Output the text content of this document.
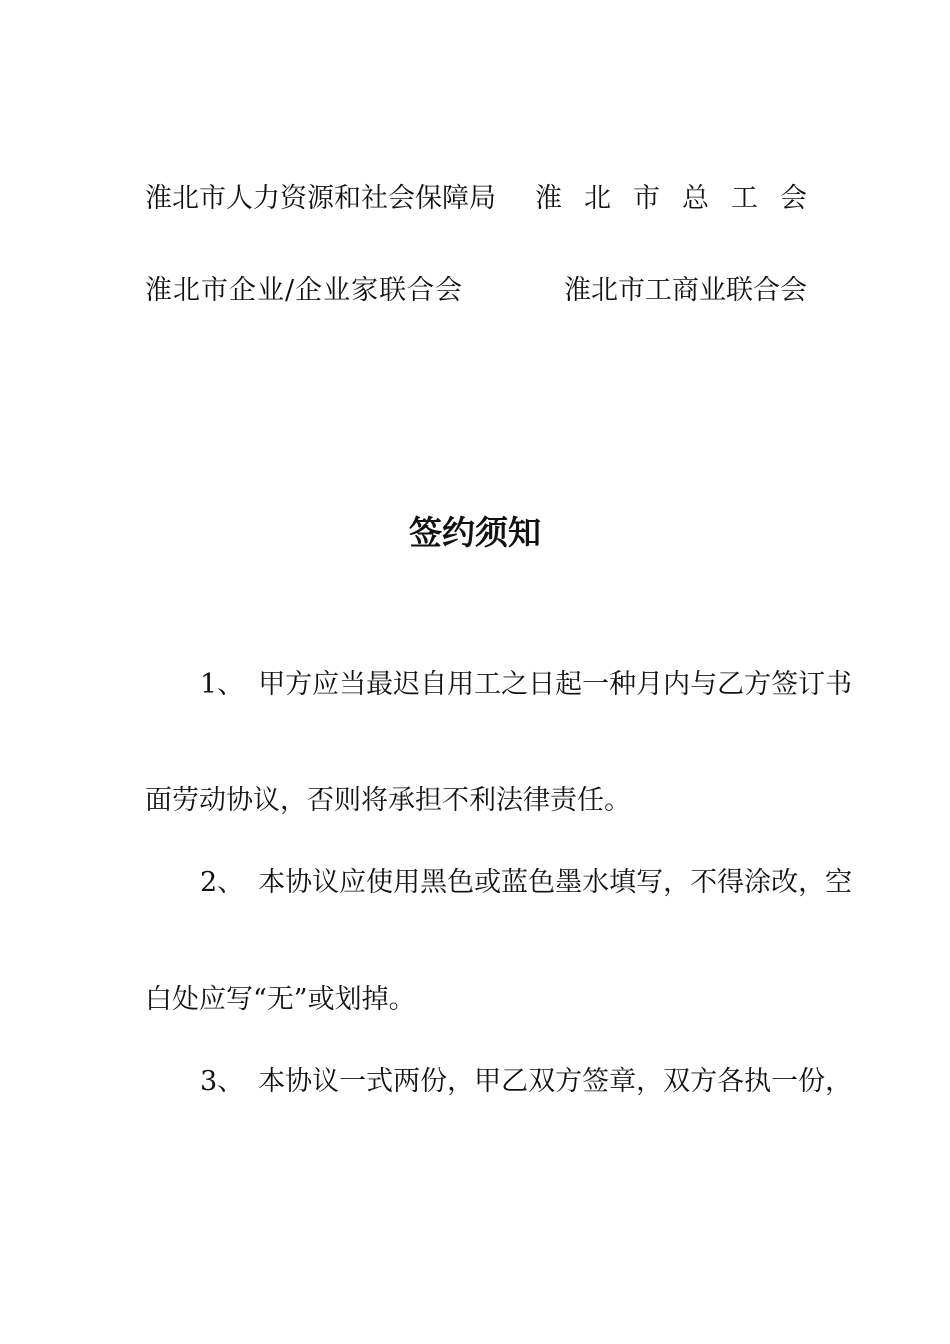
淮北市人力资源和社会保障局 淮北市总工会
淮北市企业/企业家联合会	淮北市工商业联合会
签约须知
1、 甲方应当最迟自用工之日起一种月内与乙方签订书
面劳动协议，否则将承担不利法律责任。
2、 本协议应使用黑色或蓝色墨水填写，不得涂改，空
白处应写“无”或划掉。
3、 本协议一式两份，甲乙双方签章，双方各执一份，
